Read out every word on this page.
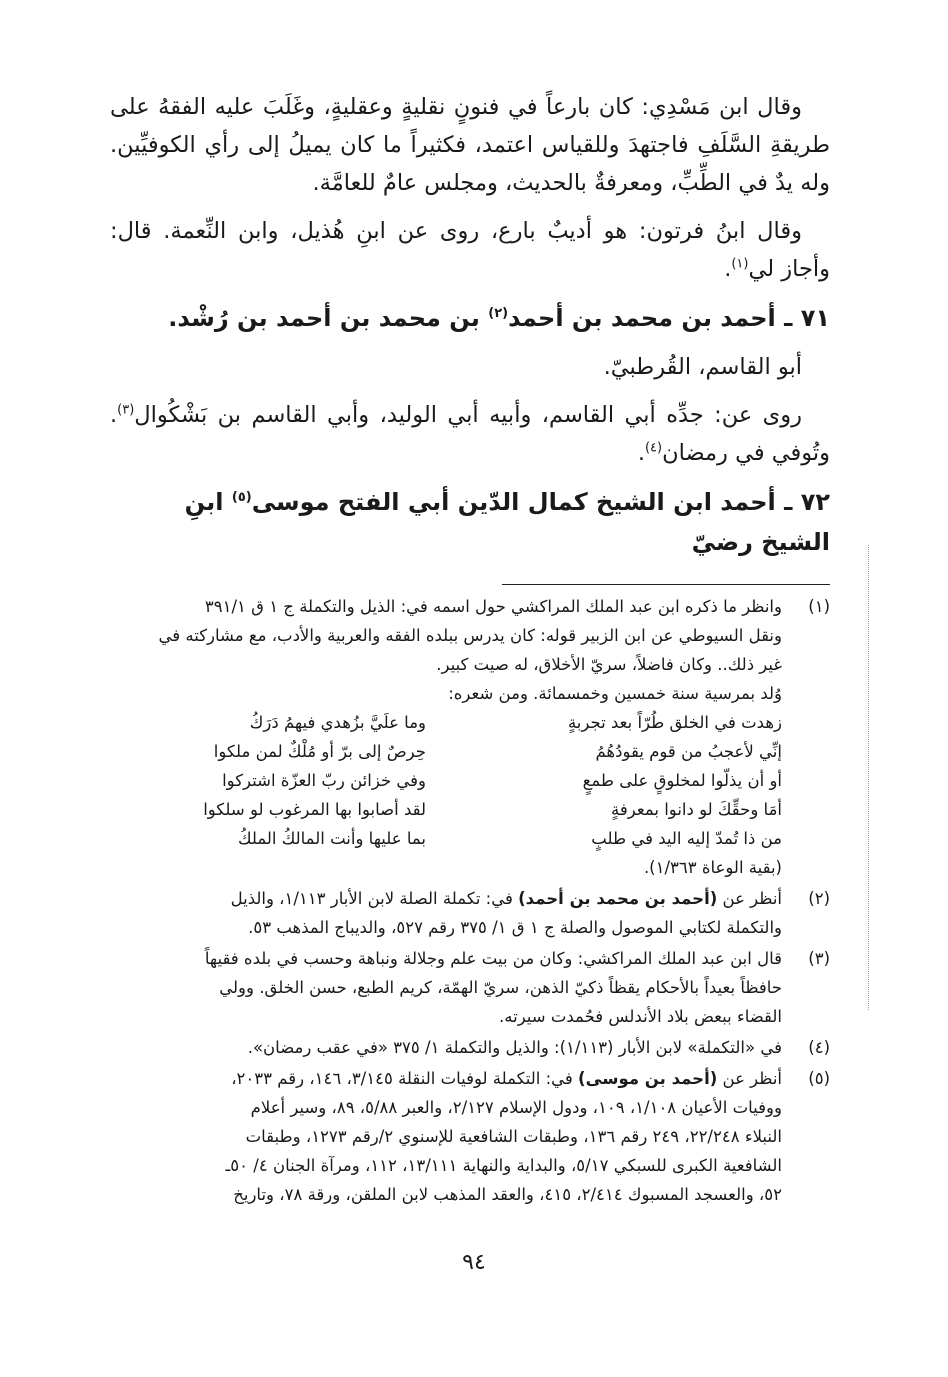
وقال ابن مَسْدِي: كان بارعاً في فنونٍ نقليةٍ وعقليةٍ، وغَلَبَ عليه الفقهُ على طريقةِ السَّلَفِ فاجتهدَ وللقياس اعتمد، فكثيراً ما كان يميلُ إلى رأي الكوفيِّين. وله يدٌ في الطِّبِّ، ومعرفةٌ بالحديث، ومجلس عامٌ للعامَّة.

وقال ابنُ فرتون: هو أديبٌ بارع، روى عن ابنِ هُذيل، وابن النِّعمة. قال: وأجاز لي$^{(١)}$.

٧١ ـ أحمد بن محمد بن أحمد$^{(٢)}$ بن محمد بن أحمد بن رُشْد.

أبو القاسم، القُرطبيّ.

روى عن: جدِّه أبي القاسم، وأبيه أبي الوليد، وأبي القاسم بن بَشْكُوال$^{(٣)}$. وتُوفي في رمضان$^{(٤)}$.

٧٢ ـ أحمد ابن الشيخ كمال الدّين أبي الفتح موسى$^{(٥)}$ ابنِ الشيخ رضيّ
(١)
وانظر ما ذكره ابن عبد الملك المراكشي حول اسمه في: الذيل والتكملة ج ١ ق ٣٩١/١
ونقل السيوطي عن ابن الزبير قوله: كان يدرس ببلده الفقه والعربية والأدب، مع مشاركته في
غير ذلك.. وكان فاضلاً، سريّ الأخلاق، له صيت كبير.
وُلد بمرسية سنة خمسين وخمسمائة. ومن شعره:
زهدت في الخلق طُرّاً بعد تجربةٍ
وما علَيَّ بزُهدي فيهمُ دَرَكُ
إنِّي لأعجبُ من قوم يقودُهُمُ
حِرصٌ إلى برّ أو مُلْكٌ لمن ملكوا
أو أن يذلّوا لمخلوقٍ على طمعٍ
وفي خزائن ربّ العزّة اشتركوا
أمَا وحقِّكَ لو دانوا بمعرفةٍ
لقد أصابوا بها المرغوب لو سلكوا
من ذا تُمدّ إليه اليد في طلبٍ
بما عليها وأنت المالكُ الملكُ
(بقية الوعاة ١/٣٦٣).
(٢)
أنظر عن (أحمد بن محمد بن أحمد) في: تكملة الصلة لابن الأبار ١/١١٣، والذيل
والتكملة لكتابي الموصول والصلة ج ١ ق ١/ ٣٧٥ رقم ٥٢٧، والديباج المذهب ٥٣.
(٣)
قال ابن عبد الملك المراكشي: وكان من بيت علم وجلالة ونباهة وحسب في بلده فقيهاً
حافظاً بعيداً بالأحكام يقظاً ذكيّ الذهن، سريّ الهمّة، كريم الطبع، حسن الخلق. وولي
القضاء ببعض بلاد الأندلس فحُمدت سيرته.
(٤)
في «التكملة» لابن الأبار (١/١١٣): والذيل والتكملة ١/ ٣٧٥ «في عقب رمضان».
(٥)
أنظر عن (أحمد بن موسى) في: التكملة لوفيات النقلة ٣/١٤٥، ١٤٦، رقم ٢٠٣٣،
ووفيات الأعيان ١/١٠٨، ١٠٩، ودول الإسلام ٢/١٢٧، والعبر ٥/٨٨، ٨٩، وسير أعلام
النبلاء ٢٢/٢٤٨، ٢٤٩ رقم ١٣٦، وطبقات الشافعية للإسنوي ٢/رقم ١٢٧٣، وطبقات
الشافعية الكبرى للسبكي ٥/١٧، والبداية والنهاية ١٣/١١١، ١١٢، ومرآة الجنان ٤/ ٥٠ـ
٥٢، والعسجد المسبوك ٢/٤١٤، ٤١٥، والعقد المذهب لابن الملقن، ورقة ٧٨، وتاريخ
٩٤
